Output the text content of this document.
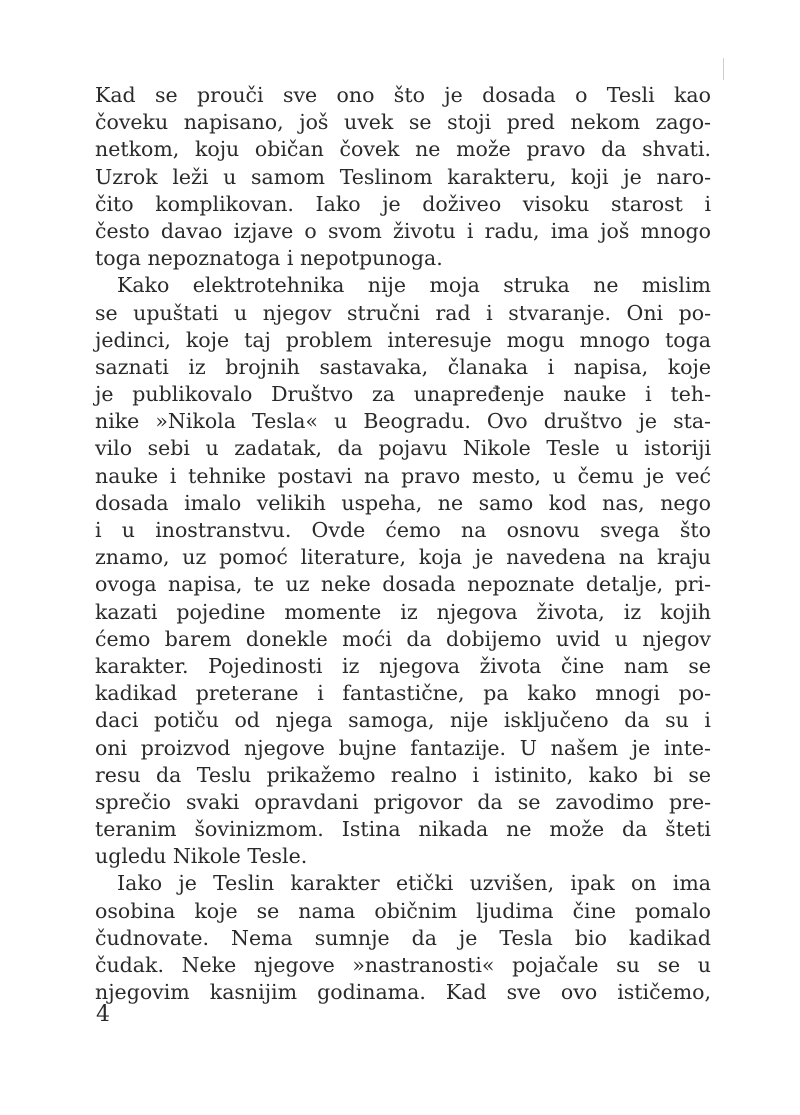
Kad se prouči sve ono što je dosada o Tesli kao
čoveku napisano, još uvek se stoji pred nekom zago-
netkom, koju običan čovek ne može pravo da shvati.
Uzrok leži u samom Teslinom karakteru, koji je naro-
čito komplikovan. Iako je doživeo visoku starost i
često davao izjave o svom životu i radu, ima još mnogo
toga nepoznatoga i nepotpunoga.
Kako elektrotehnika nije moja struka ne mislim
se upuštati u njegov stručni rad i stvaranje. Oni po-
jedinci, koje taj problem interesuje mogu mnogo toga
saznati iz brojnih sastavaka, članaka i napisa, koje
je publikovalo Društvo za unapređenje nauke i teh-
nike »Nikola Tesla« u Beogradu. Ovo društvo je sta-
vilo sebi u zadatak, da pojavu Nikole Tesle u istoriji
nauke i tehnike postavi na pravo mesto, u čemu je već
dosada imalo velikih uspeha, ne samo kod nas, nego
i u inostranstvu. Ovde ćemo na osnovu svega što
znamo, uz pomoć literature, koja je navedena na kraju
ovoga napisa, te uz neke dosada nepoznate detalje, pri-
kazati pojedine momente iz njegova života, iz kojih
ćemo barem donekle moći da dobijemo uvid u njegov
karakter. Pojedinosti iz njegova života čine nam se
kadikad preterane i fantastične, pa kako mnogi po-
daci potiču od njega samoga, nije isključeno da su i
oni proizvod njegove bujne fantazije. U našem je inte-
resu da Teslu prikažemo realno i istinito, kako bi se
sprečio svaki opravdani prigovor da se zavodimo pre-
teranim šovinizmom. Istina nikada ne može da šteti
ugledu Nikole Tesle.
Iako je Teslin karakter etički uzvišen, ipak on ima
osobina koje se nama običnim ljudima čine pomalo
čudnovate. Nema sumnje da je Tesla bio kadikad
čudak. Neke njegove »nastranosti« pojačale su se u
njegovim kasnijim godinama. Kad sve ovo ističemo,
4
